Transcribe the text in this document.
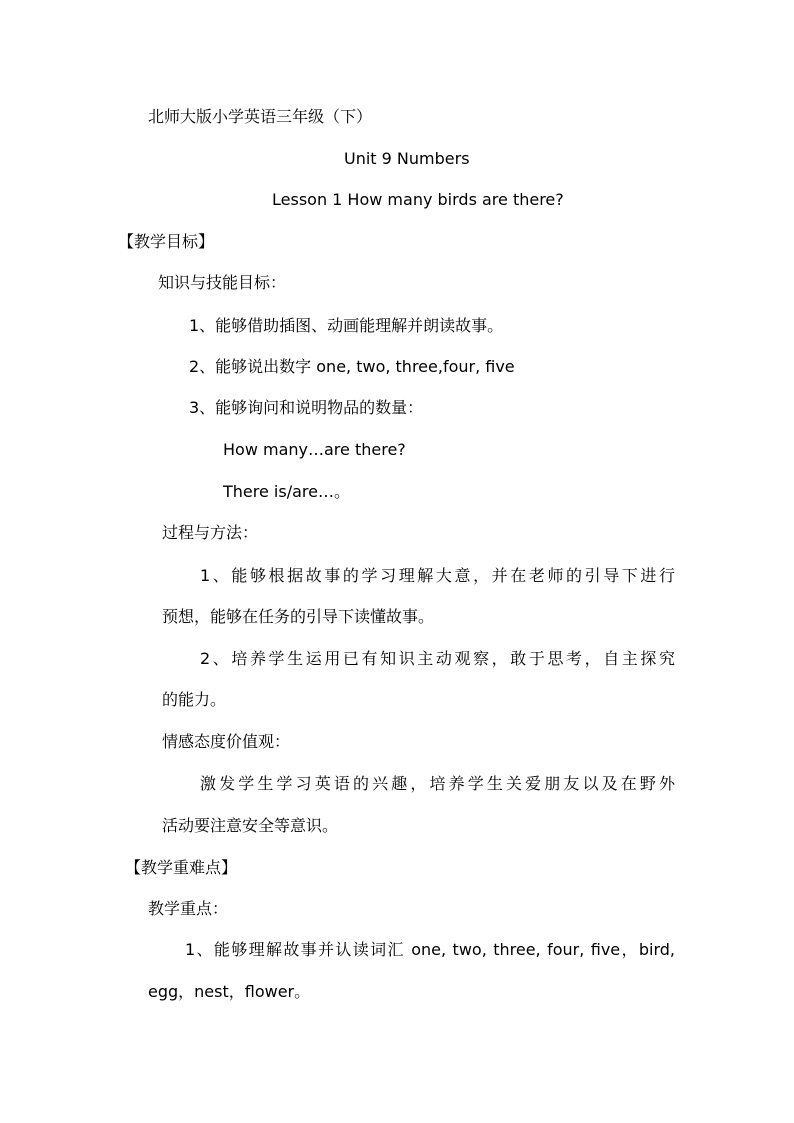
北师大版小学英语三年级（下）
Unit 9 Numbers
Lesson 1 How many birds are there?
【教学目标】
知识与技能目标：
1、能够借助插图、动画能理解并朗读故事。
2、能够说出数字 one, two, three,four, five
3、能够询问和说明物品的数量：
How many…are there?
There is/are…。
过程与方法：
1、能够根据故事的学习理解大意，并在老师的引导下进行
预想，能够在任务的引导下读懂故事。
2、培养学生运用已有知识主动观察，敢于思考，自主探究
的能力。
情感态度价值观：
激发学生学习英语的兴趣，培养学生关爱朋友以及在野外
活动要注意安全等意识。
【教学重难点】
教学重点：
1、能够理解故事并认读词汇 one, two, three, four, five，bird,
egg，nest，flower。
